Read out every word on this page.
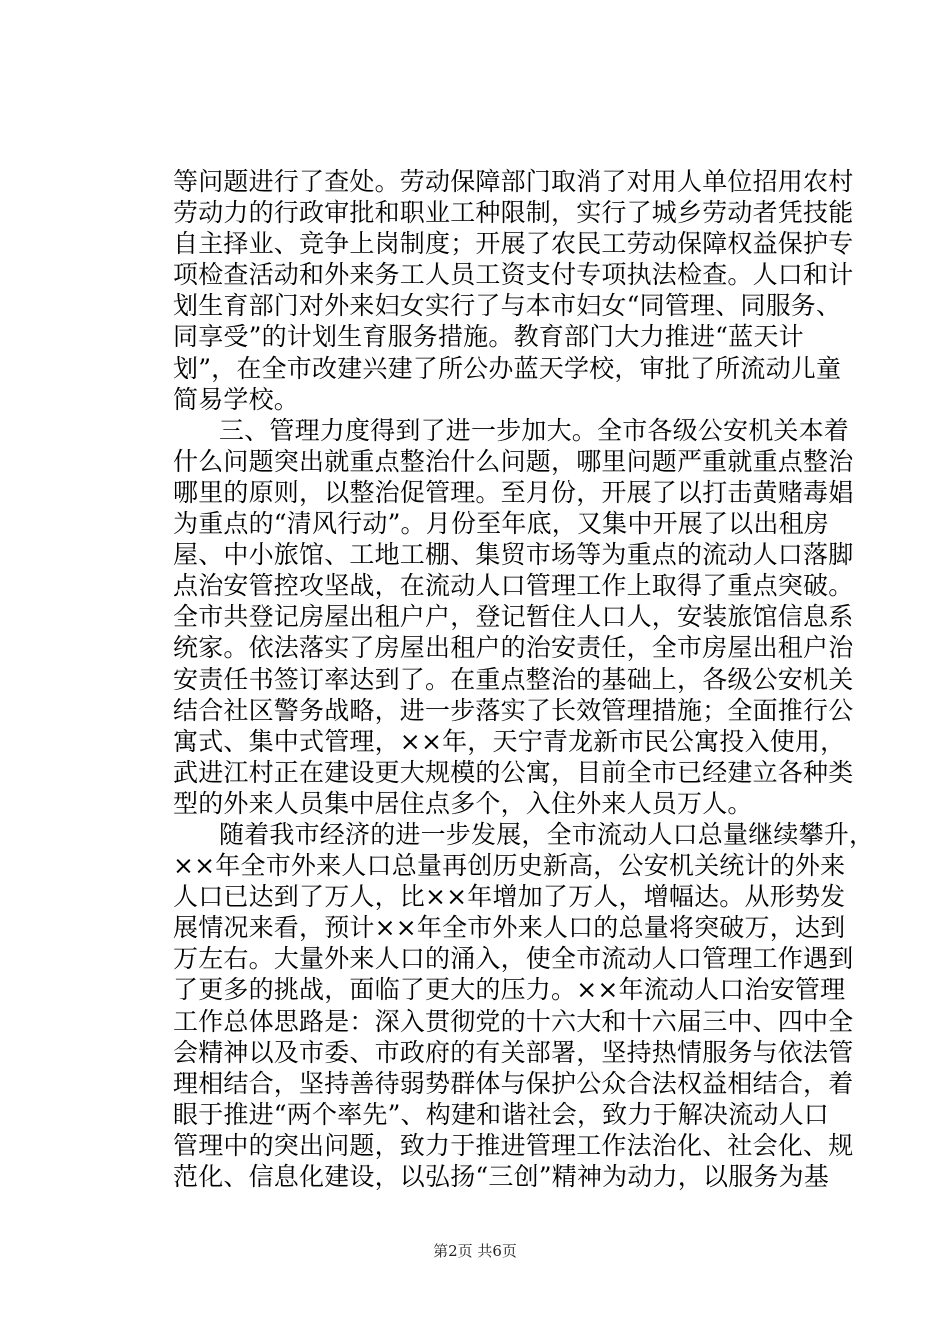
等问题进行了查处。劳动保障部门取消了对用人单位招用农村
劳动力的行政审批和职业工种限制，实行了城乡劳动者凭技能
自主择业、竞争上岗制度；开展了农民工劳动保障权益保护专
项检查活动和外来务工人员工资支付专项执法检查。人口和计
划生育部门对外来妇女实行了与本市妇女“同管理、同服务、
同享受”的计划生育服务措施。教育部门大力推进“蓝天计
划”，在全市改建兴建了所公办蓝天学校，审批了所流动儿童
简易学校。
三、管理力度得到了进一步加大。全市各级公安机关本着
什么问题突出就重点整治什么问题，哪里问题严重就重点整治
哪里的原则，以整治促管理。至月份，开展了以打击黄赌毒娼
为重点的“清风行动”。月份至年底，又集中开展了以出租房
屋、中小旅馆、工地工棚、集贸市场等为重点的流动人口落脚
点治安管控攻坚战，在流动人口管理工作上取得了重点突破。
全市共登记房屋出租户户，登记暂住人口人，安装旅馆信息系
统家。依法落实了房屋出租户的治安责任，全市房屋出租户治
安责任书签订率达到了。在重点整治的基础上，各级公安机关
结合社区警务战略，进一步落实了长效管理措施；全面推行公
寓式、集中式管理，××年，天宁青龙新市民公寓投入使用，
武进江村正在建设更大规模的公寓，目前全市已经建立各种类
型的外来人员集中居住点多个，入住外来人员万人。
随着我市经济的进一步发展，全市流动人口总量继续攀升，
××年全市外来人口总量再创历史新高，公安机关统计的外来
人口已达到了万人，比××年增加了万人，增幅达。从形势发
展情况来看，预计××年全市外来人口的总量将突破万，达到
万左右。大量外来人口的涌入，使全市流动人口管理工作遇到
了更多的挑战，面临了更大的压力。××年流动人口治安管理
工作总体思路是：深入贯彻党的十六大和十六届三中、四中全
会精神以及市委、市政府的有关部署，坚持热情服务与依法管
理相结合，坚持善待弱势群体与保护公众合法权益相结合，着
眼于推进“两个率先”、构建和谐社会，致力于解决流动人口
管理中的突出问题，致力于推进管理工作法治化、社会化、规
范化、信息化建设，以弘扬“三创”精神为动力，以服务为基
第2页 共6页
